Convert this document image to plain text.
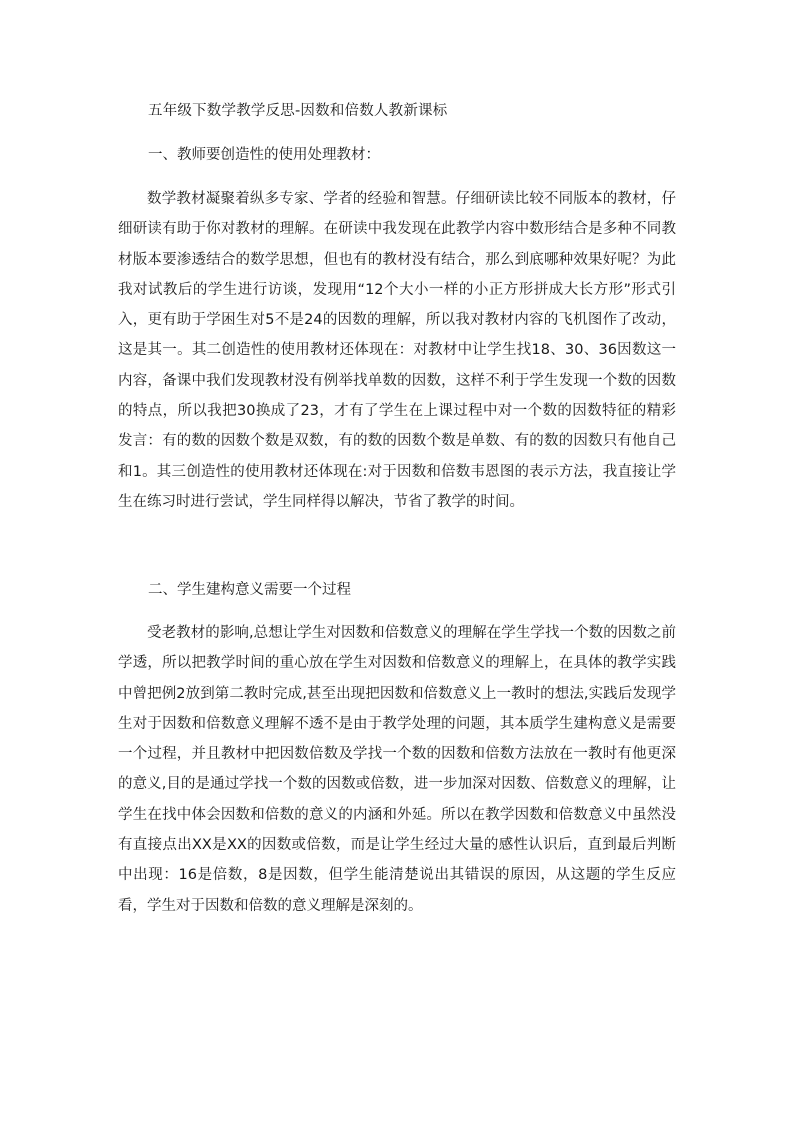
五年级下数学教学反思-因数和倍数人教新课标

一、教师要创造性的使用处理教材：

数学教材凝聚着纵多专家、学者的经验和智慧。仔细研读比较不同版本的教材，仔细研读有助于你对教材的理解。在研读中我发现在此教学内容中数形结合是多种不同教材版本要渗透结合的数学思想，但也有的教材没有结合，那么到底哪种效果好呢？为此我对试教后的学生进行访谈，发现用“12个大小一样的小正方形拼成大长方形”形式引入，更有助于学困生对5不是24的因数的理解，所以我对教材内容的飞机图作了改动，这是其一。其二创造性的使用教材还体现在：对教材中让学生找18、30、36因数这一内容，备课中我们发现教材没有例举找单数的因数，这样不利于学生发现一个数的因数的特点，所以我把30换成了23，才有了学生在上课过程中对一个数的因数特征的精彩发言：有的数的因数个数是双数，有的数的因数个数是单数、有的数的因数只有他自己和1。其三创造性的使用教材还体现在:对于因数和倍数韦恩图的表示方法，我直接让学生在练习时进行尝试，学生同样得以解决，节省了教学的时间。

二、学生建构意义需要一个过程

受老教材的影响,总想让学生对因数和倍数意义的理解在学生学找一个数的因数之前学透，所以把教学时间的重心放在学生对因数和倍数意义的理解上，在具体的教学实践中曾把例2放到第二教时完成,甚至出现把因数和倍数意义上一教时的想法,实践后发现学生对于因数和倍数意义理解不透不是由于教学处理的问题，其本质学生建构意义是需要一个过程，并且教材中把因数倍数及学找一个数的因数和倍数方法放在一教时有他更深的意义,目的是通过学找一个数的因数或倍数，进一步加深对因数、倍数意义的理解，让学生在找中体会因数和倍数的意义的内涵和外延。所以在教学因数和倍数意义中虽然没有直接点出XX是XX的因数或倍数，而是让学生经过大量的感性认识后，直到最后判断中出现：16是倍数，8是因数，但学生能清楚说出其错误的原因，从这题的学生反应看，学生对于因数和倍数的意义理解是深刻的。
